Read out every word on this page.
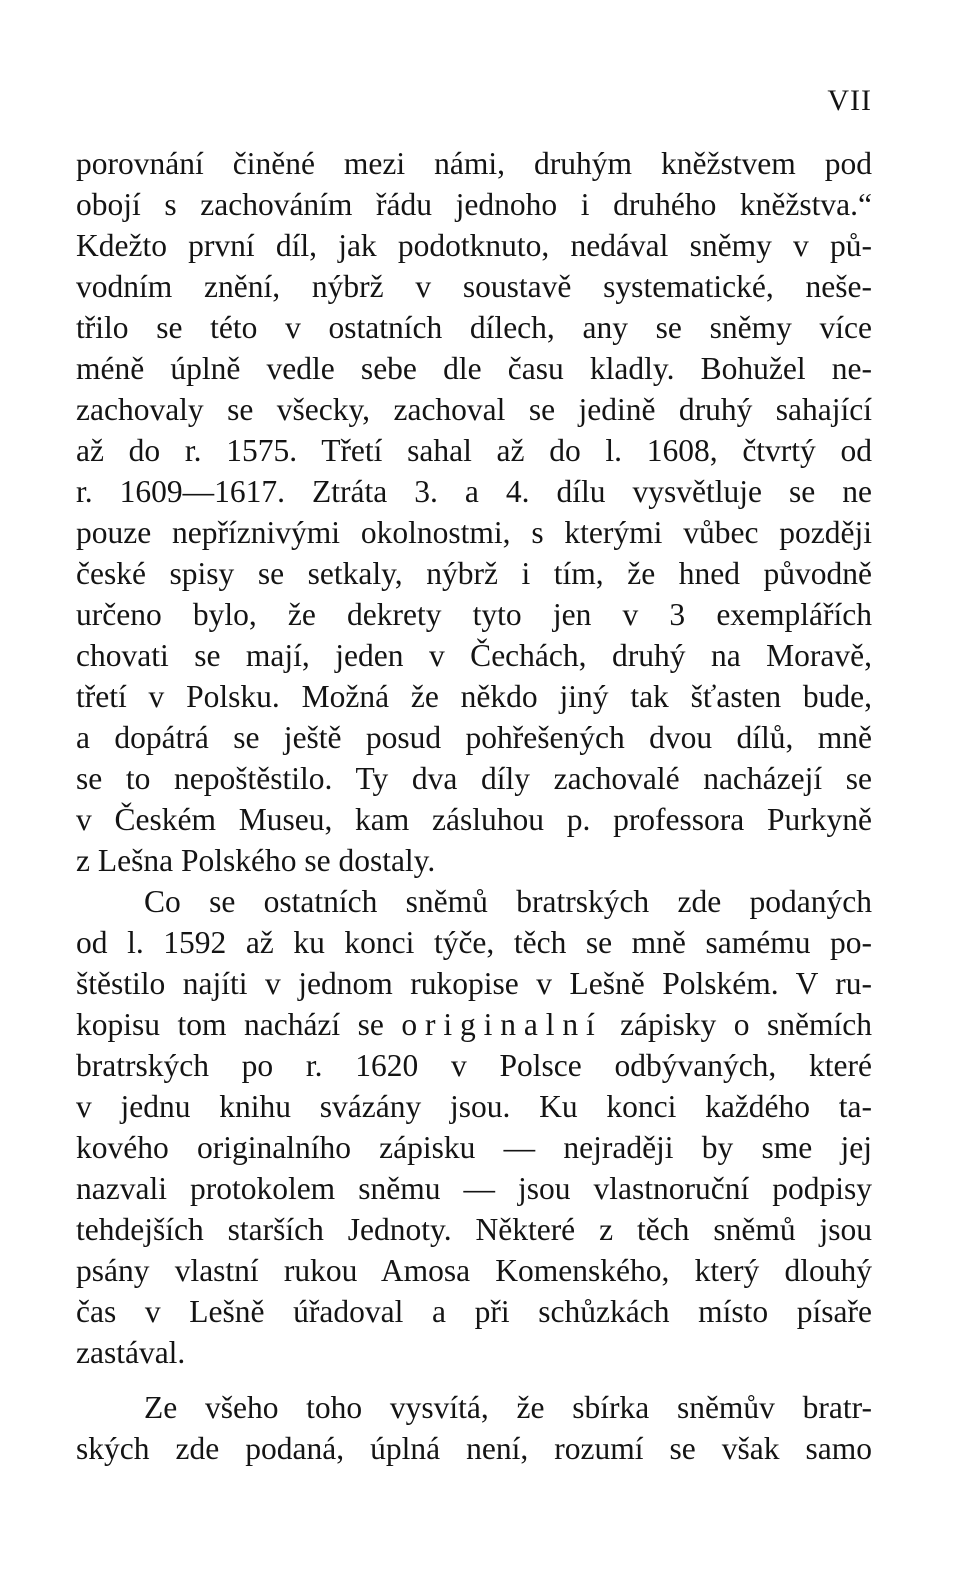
VII
porovnání činěné mezi námi, druhým kněžstvem pod
obojí s zachováním řádu jednoho i druhého kněžstva.“
Kdežto první díl, jak podotknuto, nedával sněmy v pů-
vodním znění, nýbrž v soustavě systematické, neše-
třilo se této v ostatních dílech, any se sněmy více
méně úplně vedle sebe dle času kladly. Bohužel ne-
zachovaly se všecky, zachoval se jedině druhý sahající
až do r. 1575. Třetí sahal až do l. 1608, čtvrtý od
r. 1609—1617. Ztráta 3. a 4. dílu vysvětluje se ne
pouze nepříznivými okolnostmi, s kterými vůbec později
české spisy se setkaly, nýbrž i tím, že hned původně
určeno bylo, že dekrety tyto jen v 3 exemplářích
chovati se mají, jeden v Čechách, druhý na Moravě,
třetí v Polsku. Možná že někdo jiný tak šťasten bude,
a dopátrá se ještě posud pohřešených dvou dílů, mně
se to nepoštěstilo. Ty dva díly zachovalé nacházejí se
v Českém Museu, kam zásluhou p. professora Purkyně
z Lešna Polského se dostaly.
Co se ostatních sněmů bratrských zde podaných
od l. 1592 až ku konci týče, těch se mně samému po-
štěstilo najíti v jednom rukopise v Lešně Polském. V ru-
kopisu tom nachází se originalní zápisky o sněmích
bratrských po r. 1620 v Polsce odbývaných, které
v jednu knihu svázány jsou. Ku konci každého ta-
kového originalního zápisku — nejraději by sme jej
nazvali protokolem sněmu — jsou vlastnoruční podpisy
tehdejších starších Jednoty. Některé z těch sněmů jsou
psány vlastní rukou Amosa Komenského, který dlouhý
čas v Lešně úřadoval a při schůzkách místo písaře
zastával.
Ze všeho toho vysvítá, že sbírka sněmův bratr-
ských zde podaná, úplná není, rozumí se však samo
